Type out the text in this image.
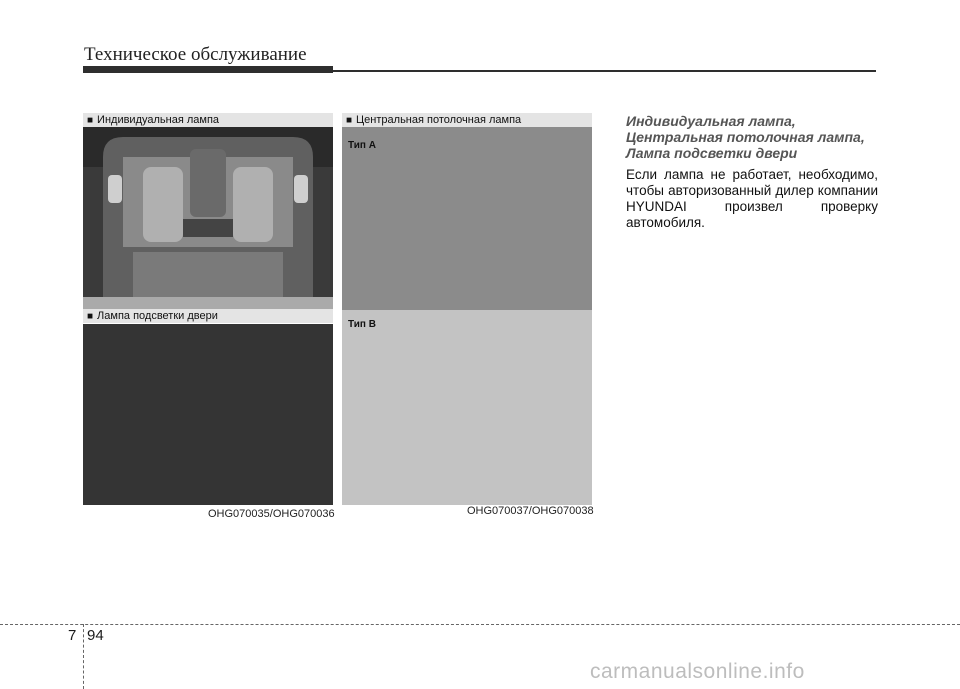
Техническое обслуживание
■ Индивидуальная лампа
■ Лампа подсветки двери
■ Центральная потолочная лампа
Тип A
Тип B
OHG070035/OHG070036	OHG070037/OHG070038
Индивидуальная лампа,
Центральная потолочная лампа,
Лампа подсветки двери
Если лампа не работает, необходимо, чтобы авторизованный дилер компании HYUNDAI произвел проверку автомобиля.
7 94
carmanualsonline.info
